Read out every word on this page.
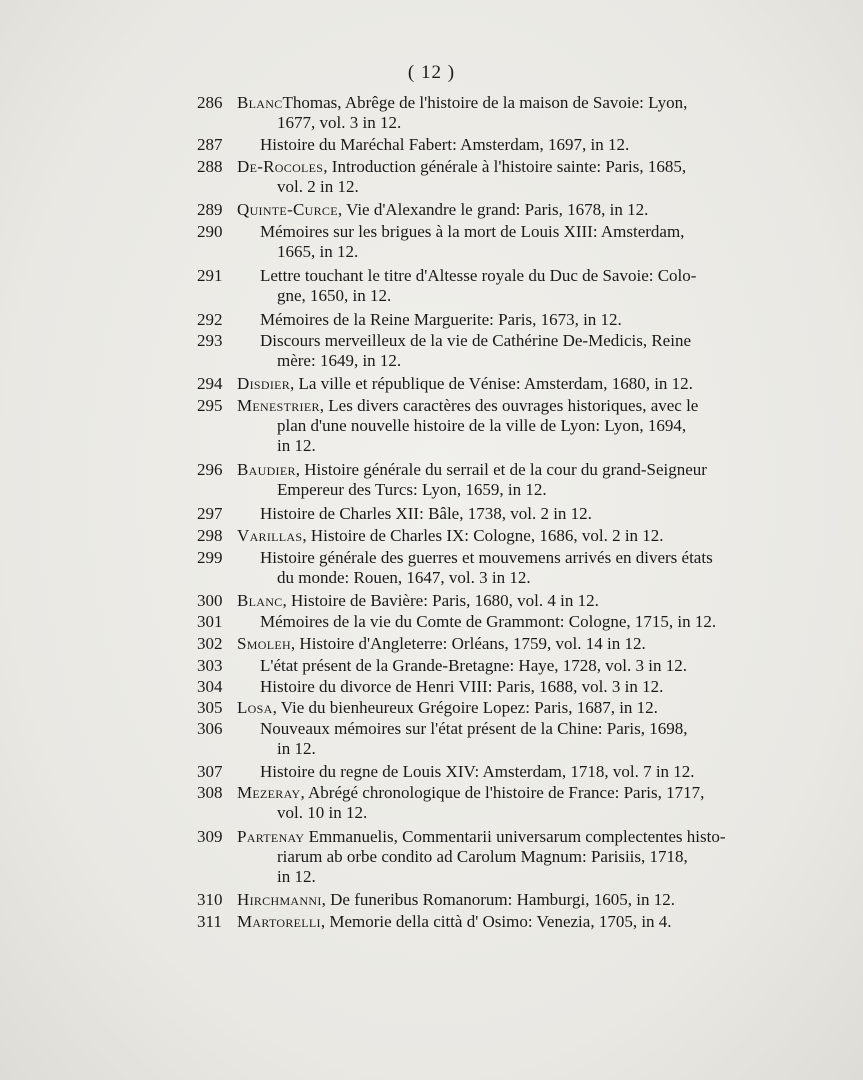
( 12 )
286 BlancThomas, Abrêge de l'histoire de la maison de Savoie: Lyon,
1677, vol. 3 in 12.
287 Histoire du Maréchal Fabert: Amsterdam, 1697, in 12.
288 De-Rocoles, Introduction générale à l'histoire sainte: Paris, 1685,
vol. 2 in 12.
289 Quinte-Curce, Vie d'Alexandre le grand: Paris, 1678, in 12.
290 Mémoires sur les brigues à la mort de Louis XIII: Amsterdam,
1665, in 12.
291 Lettre touchant le titre d'Altesse royale du Duc de Savoie: Colo-
gne, 1650, in 12.
292 Mémoires de la Reine Marguerite: Paris, 1673, in 12.
293 Discours merveilleux de la vie de Cathérine De-Medicis, Reine
mère: 1649, in 12.
294 Disdier, La ville et république de Vénise: Amsterdam, 1680, in 12.
295 Menestrier, Les divers caractères des ouvrages historiques, avec le
plan d'une nouvelle histoire de la ville de Lyon: Lyon, 1694,
in 12.
296 Baudier, Histoire générale du serrail et de la cour du grand-Seigneur
Empereur des Turcs: Lyon, 1659, in 12.
297 Histoire de Charles XII: Bâle, 1738, vol. 2 in 12.
298 Varillas, Histoire de Charles IX: Cologne, 1686, vol. 2 in 12.
299 Histoire générale des guerres et mouvemens arrivés en divers états
du monde: Rouen, 1647, vol. 3 in 12.
300 Blanc, Histoire de Bavière: Paris, 1680, vol. 4 in 12.
301 Mémoires de la vie du Comte de Grammont: Cologne, 1715, in 12.
302 Smoleh, Histoire d'Angleterre: Orléans, 1759, vol. 14 in 12.
303 L'état présent de la Grande-Bretagne: Haye, 1728, vol. 3 in 12.
304 Histoire du divorce de Henri VIII: Paris, 1688, vol. 3 in 12.
305 Losa, Vie du bienheureux Grégoire Lopez: Paris, 1687, in 12.
306 Nouveaux mémoires sur l'état présent de la Chine: Paris, 1698,
in 12.
307 Histoire du regne de Louis XIV: Amsterdam, 1718, vol. 7 in 12.
308 Mezeray, Abrégé chronologique de l'histoire de France: Paris, 1717,
vol. 10 in 12.
309 Partenay Emmanuelis, Commentarii universarum complectentes histo-
riarum ab orbe condito ad Carolum Magnum: Parisiis, 1718,
in 12.
310 Hirchmanni, De funeribus Romanorum: Hamburgi, 1605, in 12.
311 Martorelli, Memorie della città d' Osimo: Venezia, 1705, in 4.
